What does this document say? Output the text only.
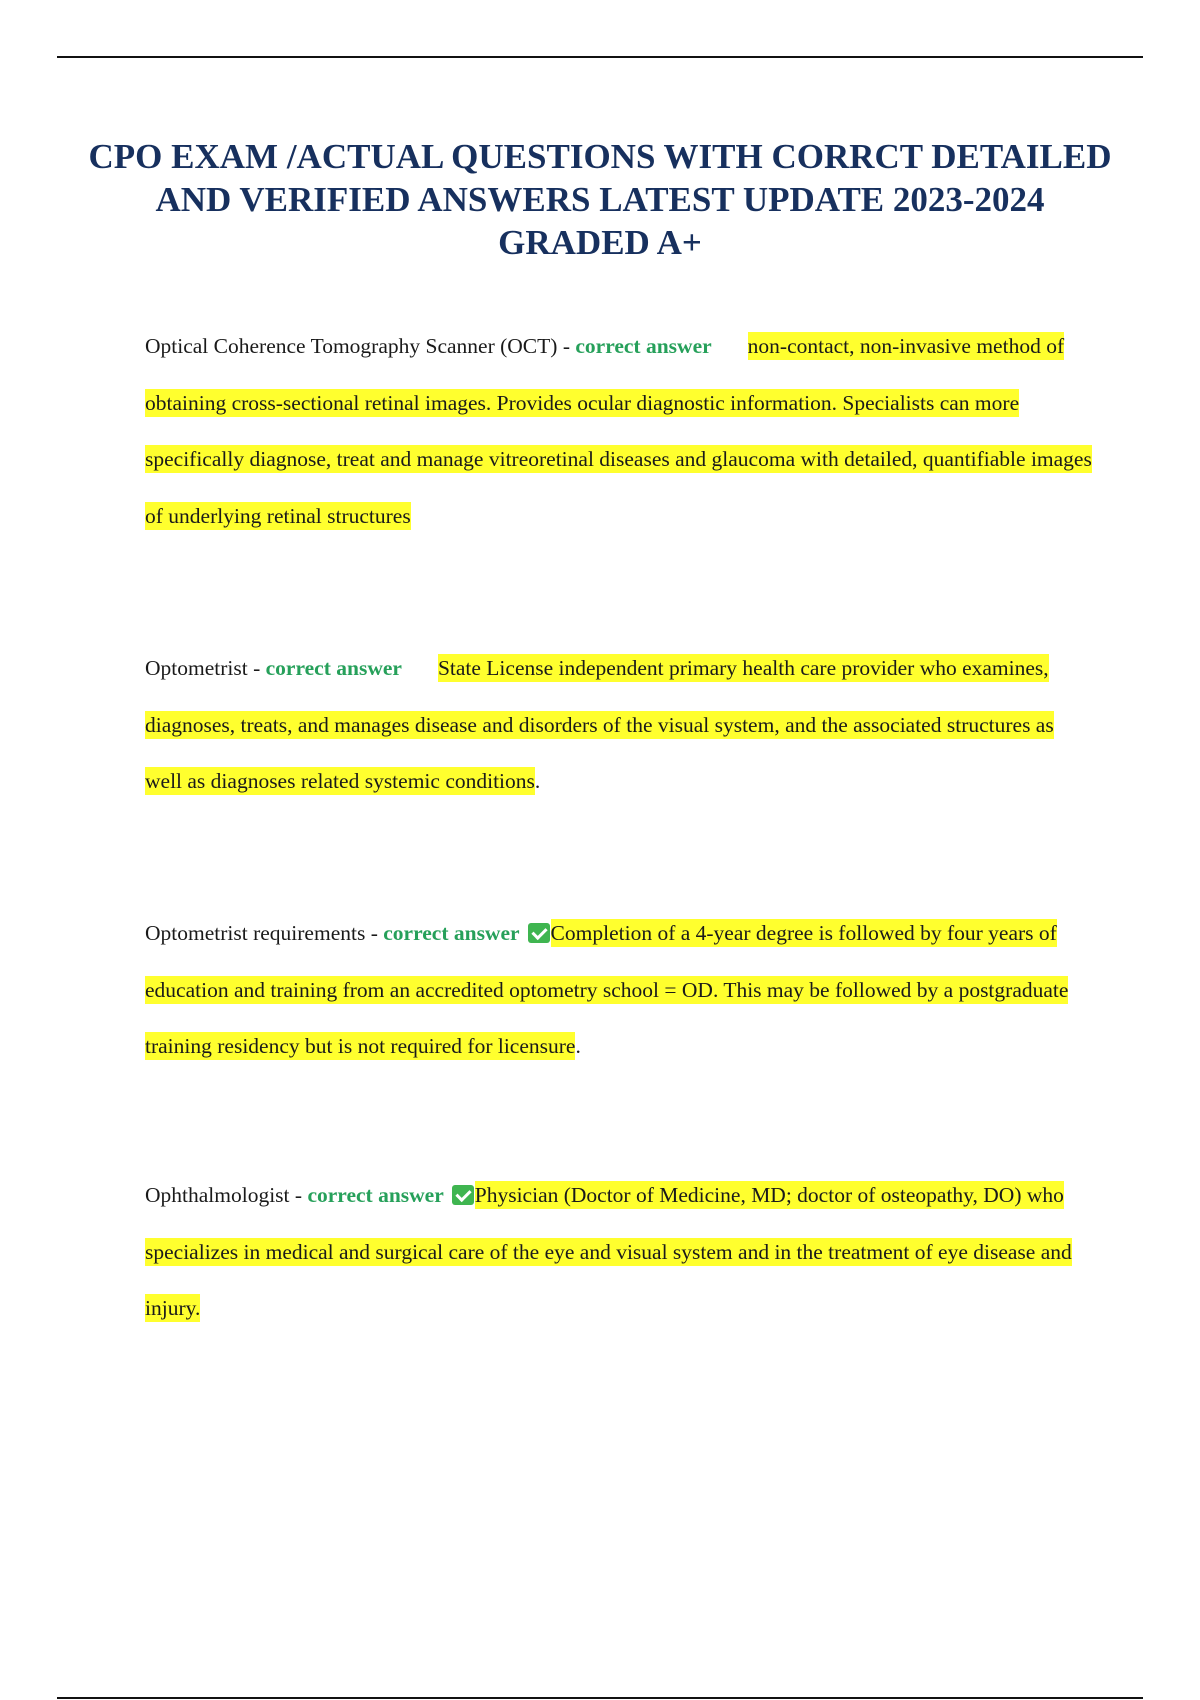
CPO EXAM /ACTUAL QUESTIONS WITH CORRCT DETAILED AND VERIFIED ANSWERS LATEST UPDATE 2023-2024 GRADED A+

Optical Coherence Tomography Scanner (OCT) - correct answer non-contact, non-invasive method of obtaining cross-sectional retinal images. Provides ocular diagnostic information. Specialists can more specifically diagnose, treat and manage vitreoretinal diseases and glaucoma with detailed, quantifiable images of underlying retinal structures

Optometrist - correct answer State License independent primary health care provider who examines, diagnoses, treats, and manages disease and disorders of the visual system, and the associated structures as well as diagnoses related systemic conditions.

Optometrist requirements - correct answer Completion of a 4-year degree is followed by four years of education and training from an accredited optometry school = OD. This may be followed by a postgraduate training residency but is not required for licensure.

Ophthalmologist - correct answer Physician (Doctor of Medicine, MD; doctor of osteopathy, DO) who specializes in medical and surgical care of the eye and visual system and in the treatment of eye disease and injury.
